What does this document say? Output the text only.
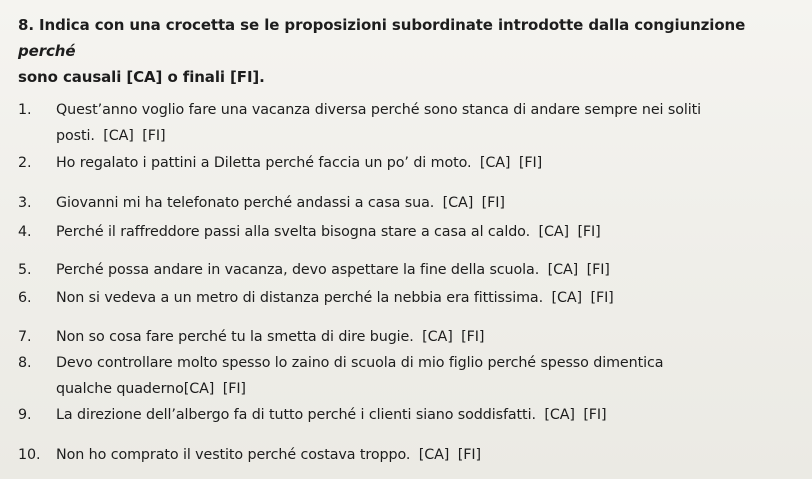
8. Indica con una crocetta se le proposizioni subordinate introdotte dalla congiunzione perché
sono causali [CA] o finali [FI].
1. Quest’anno voglio fare una vacanza diversa perché sono stanca di andare sempre nei soliti
posti. [CA] [FI]
2. Ho regalato i pattini a Diletta perché faccia un po’ di moto. [CA] [FI]
3. Giovanni mi ha telefonato perché andassi a casa sua. [CA] [FI]
4. Perché il raffreddore passi alla svelta bisogna stare a casa al caldo. [CA] [FI]
5. Perché possa andare in vacanza, devo aspettare la fine della scuola. [CA] [FI]
6. Non si vedeva a un metro di distanza perché la nebbia era fittissima. [CA] [FI]
7. Non so cosa fare perché tu la smetta di dire bugie. [CA] [FI]
8. Devo controllare molto spesso lo zaino di scuola di mio figlio perché spesso dimentica
qualche quaderno[CA] [FI]
9. La direzione dell’albergo fa di tutto perché i clienti siano soddisfatti. [CA] [FI]
10. Non ho comprato il vestito perché costava troppo. [CA] [FI]
